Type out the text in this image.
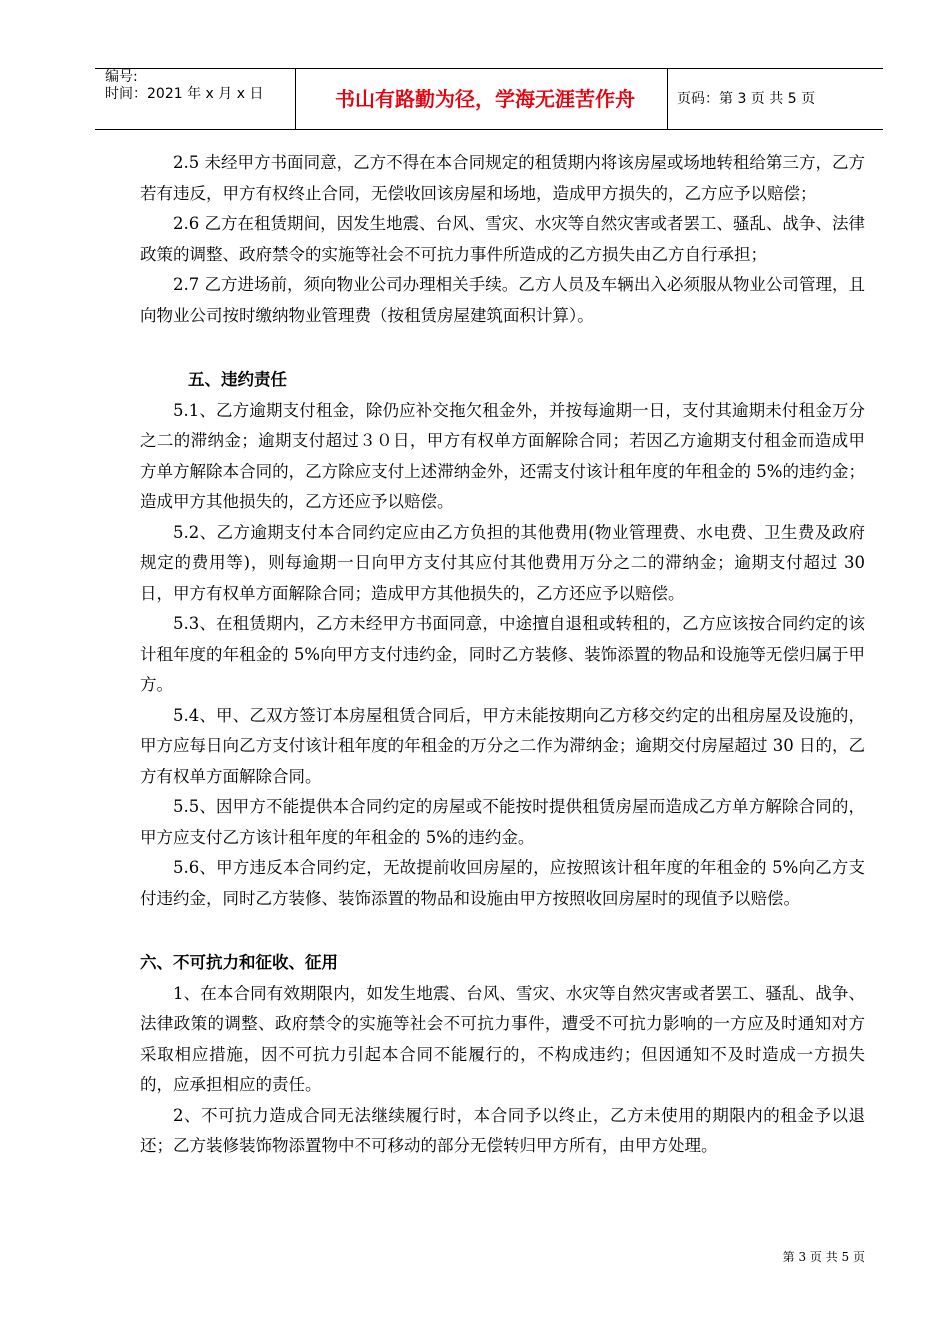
编号:
时间：2021 年 x 月 x 日	书山有路勤为径，学海无涯苦作舟	页码：第 3 页 共 5 页

2.5 未经甲方书面同意，乙方不得在本合同规定的租赁期内将该房屋或场地转租给第三方，乙方若有违反，甲方有权终止合同，无偿收回该房屋和场地，造成甲方损失的，乙方应予以赔偿；

2.6 乙方在租赁期间，因发生地震、台风、雪灾、水灾等自然灾害或者罢工、骚乱、战争、法律政策的调整、政府禁令的实施等社会不可抗力事件所造成的乙方损失由乙方自行承担；

2.7 乙方进场前，须向物业公司办理相关手续。乙方人员及车辆出入必须服从物业公司管理，且向物业公司按时缴纳物业管理费（按租赁房屋建筑面积计算）。

五、违约责任

5.1、乙方逾期支付租金，除仍应补交拖欠租金外，并按每逾期一日，支付其逾期未付租金万分之二的滞纳金；逾期支付超过３０日，甲方有权单方面解除合同；若因乙方逾期支付租金而造成甲方单方解除本合同的，乙方除应支付上述滞纳金外，还需支付该计租年度的年租金的 5%的违约金；造成甲方其他损失的，乙方还应予以赔偿。

5.2、乙方逾期支付本合同约定应由乙方负担的其他费用(物业管理费、水电费、卫生费及政府规定的费用等)，则每逾期一日向甲方支付其应付其他费用万分之二的滞纳金；逾期支付超过 30 日，甲方有权单方面解除合同；造成甲方其他损失的，乙方还应予以赔偿。

5.3、在租赁期内，乙方未经甲方书面同意，中途擅自退租或转租的，乙方应该按合同约定的该计租年度的年租金的 5%向甲方支付违约金，同时乙方装修、装饰添置的物品和设施等无偿归属于甲方。

5.4、甲、乙双方签订本房屋租赁合同后，甲方未能按期向乙方移交约定的出租房屋及设施的，甲方应每日向乙方支付该计租年度的年租金的万分之二作为滞纳金；逾期交付房屋超过 30 日的，乙方有权单方面解除合同。

5.5、因甲方不能提供本合同约定的房屋或不能按时提供租赁房屋而造成乙方单方解除合同的，甲方应支付乙方该计租年度的年租金的 5%的违约金。

5.6、甲方违反本合同约定，无故提前收回房屋的，应按照该计租年度的年租金的 5%向乙方支付违约金，同时乙方装修、装饰添置的物品和设施由甲方按照收回房屋时的现值予以赔偿。

六、不可抗力和征收、征用

1、在本合同有效期限内，如发生地震、台风、雪灾、水灾等自然灾害或者罢工、骚乱、战争、法律政策的调整、政府禁令的实施等社会不可抗力事件，遭受不可抗力影响的一方应及时通知对方采取相应措施，因不可抗力引起本合同不能履行的，不构成违约；但因通知不及时造成一方损失的，应承担相应的责任。

2、不可抗力造成合同无法继续履行时，本合同予以终止，乙方未使用的期限内的租金予以退还；乙方装修装饰物添置物中不可移动的部分无偿转归甲方所有，由甲方处理。

第 3 页 共 5 页
